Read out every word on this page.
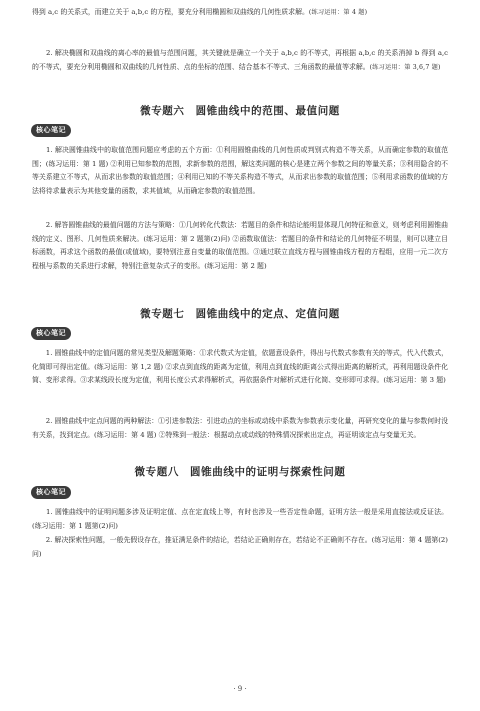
得到 a,c 的关系式，而建立关于 a,b,c 的方程，要充分利用椭圆和双曲线的几何性质求解。(练习运用：第 4 题)

　　2. 解决椭圆和双曲线的离心率的最值与范围问题，其关键就是确立一个关于 a,b,c 的不等式，再根据 a,b,c 的关系消掉 b 得到 a,c 的不等式，要充分利用椭圆和双曲线的几何性质、点的坐标的范围、结合基本不等式、三角函数的最值等求解。(练习运用：第 3,6,7 题)

微专题六　圆锥曲线中的范围、最值问题
核心笔记

　　1. 解决圆锥曲线中的取值范围问题应考虑的五个方面：①利用圆锥曲线的几何性质或判别式构造不等关系，从而确定参数的取值范围；(练习运用：第 1 题) ②利用已知参数的范围，求新参数的范围，解这类问题的核心是建立两个参数之间的等量关系；③利用隐含的不等关系建立不等式，从而求出参数的取值范围；④利用已知的不等关系构造不等式，从而求出参数的取值范围；⑤利用求函数的值域的方法将待求量表示为其他变量的函数，求其值域，从而确定参数的取值范围。

　　2. 解答圆锥曲线的最值问题的方法与策略：①几何转化代数法：若题目的条件和结论能明显体现几何特征和意义，则考虑利用圆锥曲线的定义、图形、几何性质来解决。(练习运用：第 2 题第(2)问) ②函数取值法：若题目的条件和结论的几何特征不明显，则可以建立目标函数，再求这个函数的最值(或值域)，要特别注意自变量的取值范围。③通过联立直线方程与圆锥曲线方程的方程组，应用一元二次方程根与系数的关系进行求解，特别注意复杂式子的变形。(练习运用：第 2 题)

微专题七　圆锥曲线中的定点、定值问题
核心笔记

　　1. 圆锥曲线中的定值问题的常见类型及解题策略：①求代数式为定值，依题意设条件，得出与代数式参数有关的等式，代入代数式，化简即可得出定值。(练习运用：第 1,2 题) ②求点到直线的距离为定值，利用点到直线的距离公式得出距离的解析式，再利用题设条件化简、变形求得。③求某线段长度为定值，利用长度公式求得解析式，再依据条件对解析式进行化简、变形即可求得。(练习运用：第 3 题)

　　2. 圆锥曲线中定点问题的两种解法：①引进参数法：引进动点的坐标或动线中系数为参数表示变化量，再研究变化的量与参数何时没有关系，找到定点。(练习运用：第 4 题) ②特殊到一般法：根据动点或动线的特殊情况探索出定点，再证明该定点与变量无关。

微专题八　圆锥曲线中的证明与探索性问题
核心笔记

　　1. 圆锥曲线中的证明问题多涉及证明定值、点在定直线上等，有时也涉及一些否定性命题，证明方法一般是采用直接法或反证法。(练习运用：第 1 题第(2)问)

　　2. 解决探索性问题，一般先假设存在，推证满足条件的结论，若结论正确则存在，若结论不正确则不存在。(练习运用：第 4 题第(2)问)

· 9 ·
